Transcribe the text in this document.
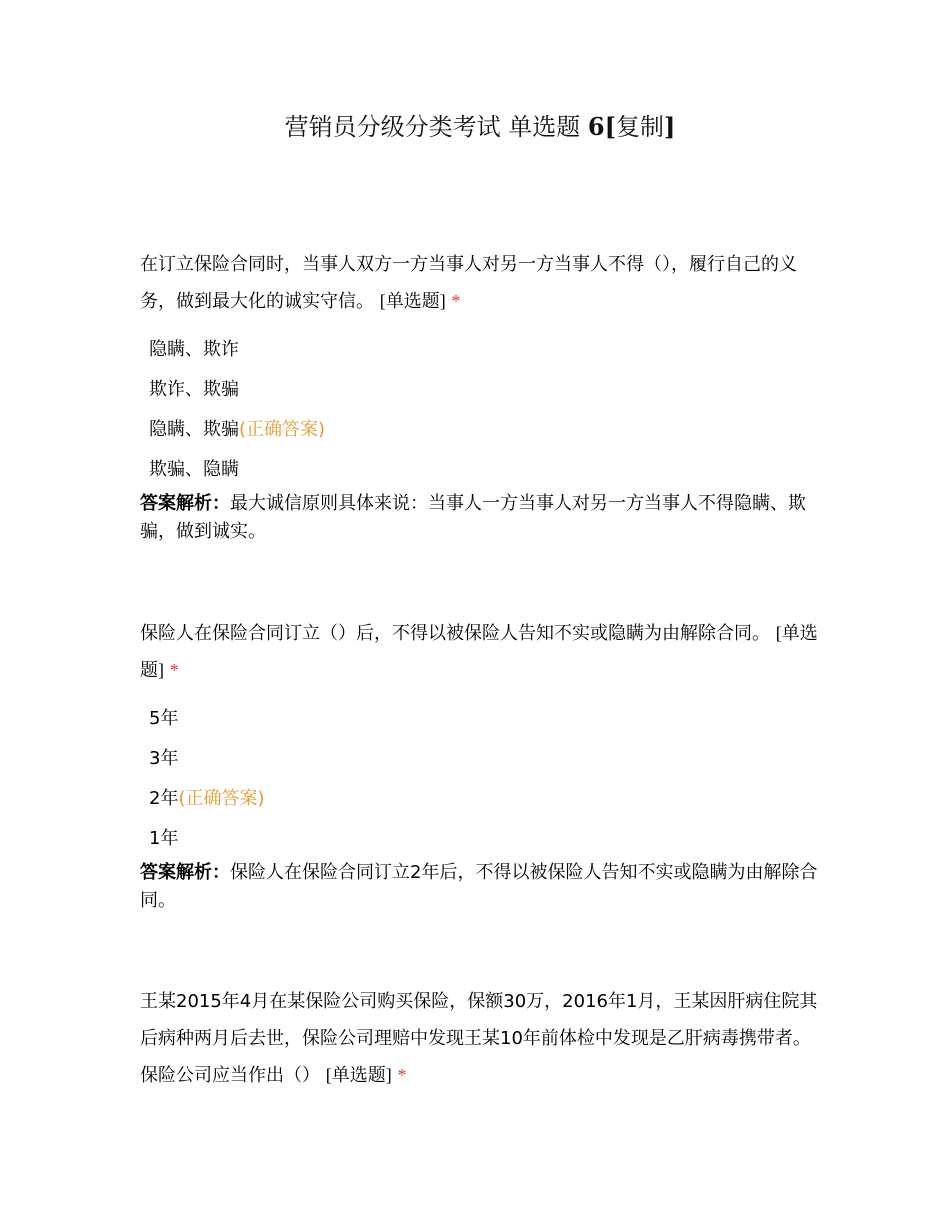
营销员分级分类考试 单选题 6[复制]

在订立保险合同时，当事人双方一方当事人对另一方当事人不得（），履行自己的义务，做到最大化的诚实守信。 [单选题] *

隐瞒、欺诈
欺诈、欺骗
隐瞒、欺骗(正确答案)
欺骗、隐瞒
答案解析：最大诚信原则具体来说：当事人一方当事人对另一方当事人不得隐瞒、欺骗，做到诚实。

保险人在保险合同订立（）后，不得以被保险人告知不实或隐瞒为由解除合同。 [单选题] *

5年
3年
2年(正确答案)
1年
答案解析：保险人在保险合同订立2年后，不得以被保险人告知不实或隐瞒为由解除合同。

王某2015年4月在某保险公司购买保险，保额30万，2016年1月，王某因肝病住院其后病种两月后去世，保险公司理赔中发现王某10年前体检中发现是乙肝病毒携带者。保险公司应当作出（） [单选题] *
